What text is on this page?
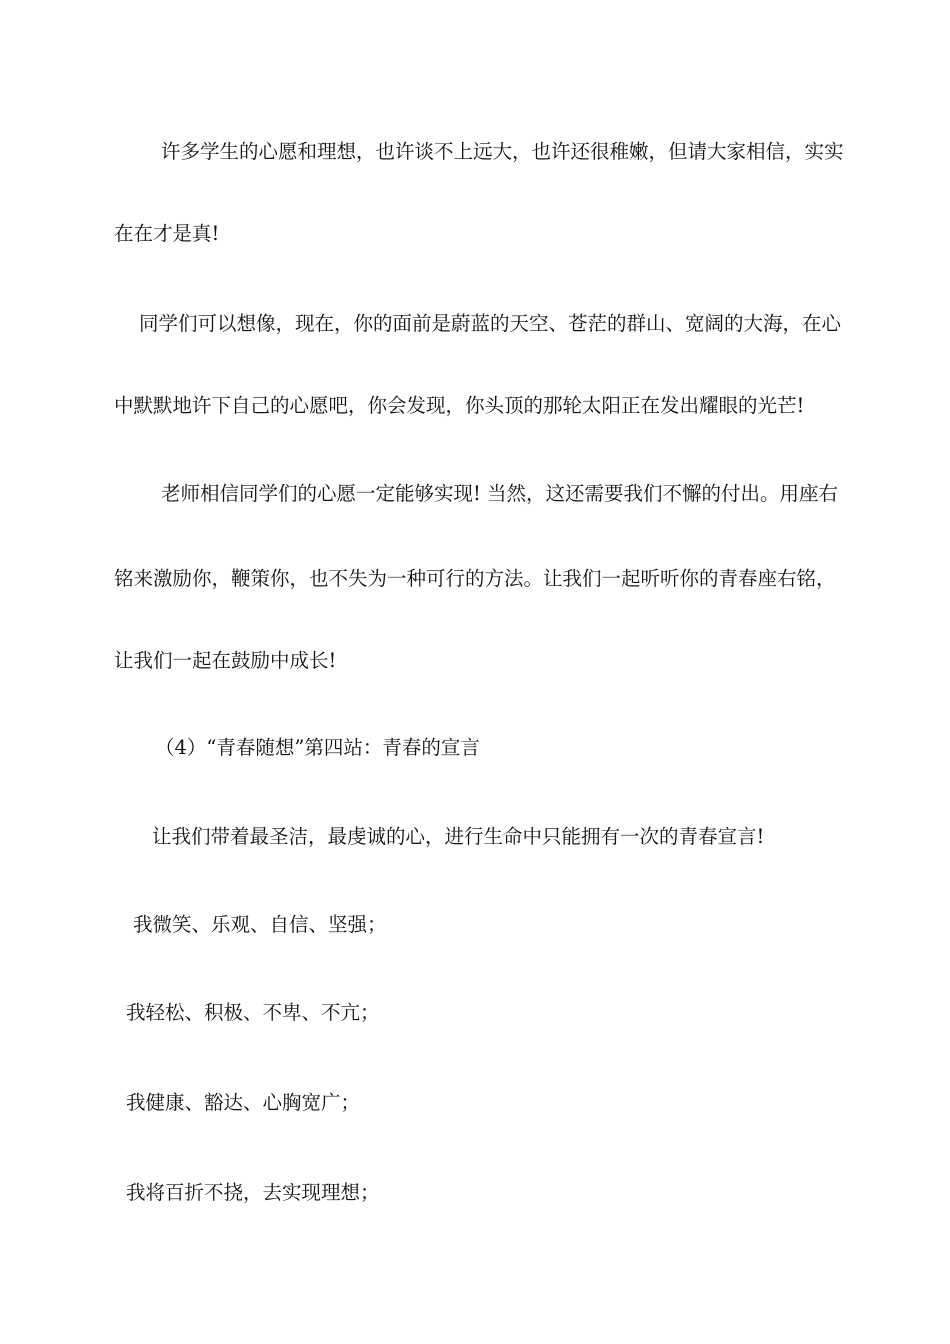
许多学生的心愿和理想，也许谈不上远大，也许还很稚嫩，但请大家相信，实实
在在才是真!
同学们可以想像，现在，你的面前是蔚蓝的天空、苍茫的群山、宽阔的大海，在心
中默默地许下自己的心愿吧，你会发现，你头顶的那轮太阳正在发出耀眼的光芒!
老师相信同学们的心愿一定能够实现! 当然，这还需要我们不懈的付出。用座右
铭来激励你，鞭策你，也不失为一种可行的方法。让我们一起听听你的青春座右铭，
让我们一起在鼓励中成长!
（4）“青春随想”第四站：青春的宣言
让我们带着最圣洁，最虔诚的心，进行生命中只能拥有一次的青春宣言!
我微笑、乐观、自信、坚强；
我轻松、积极、不卑、不亢；
我健康、豁达、心胸宽广；
我将百折不挠，去实现理想；
